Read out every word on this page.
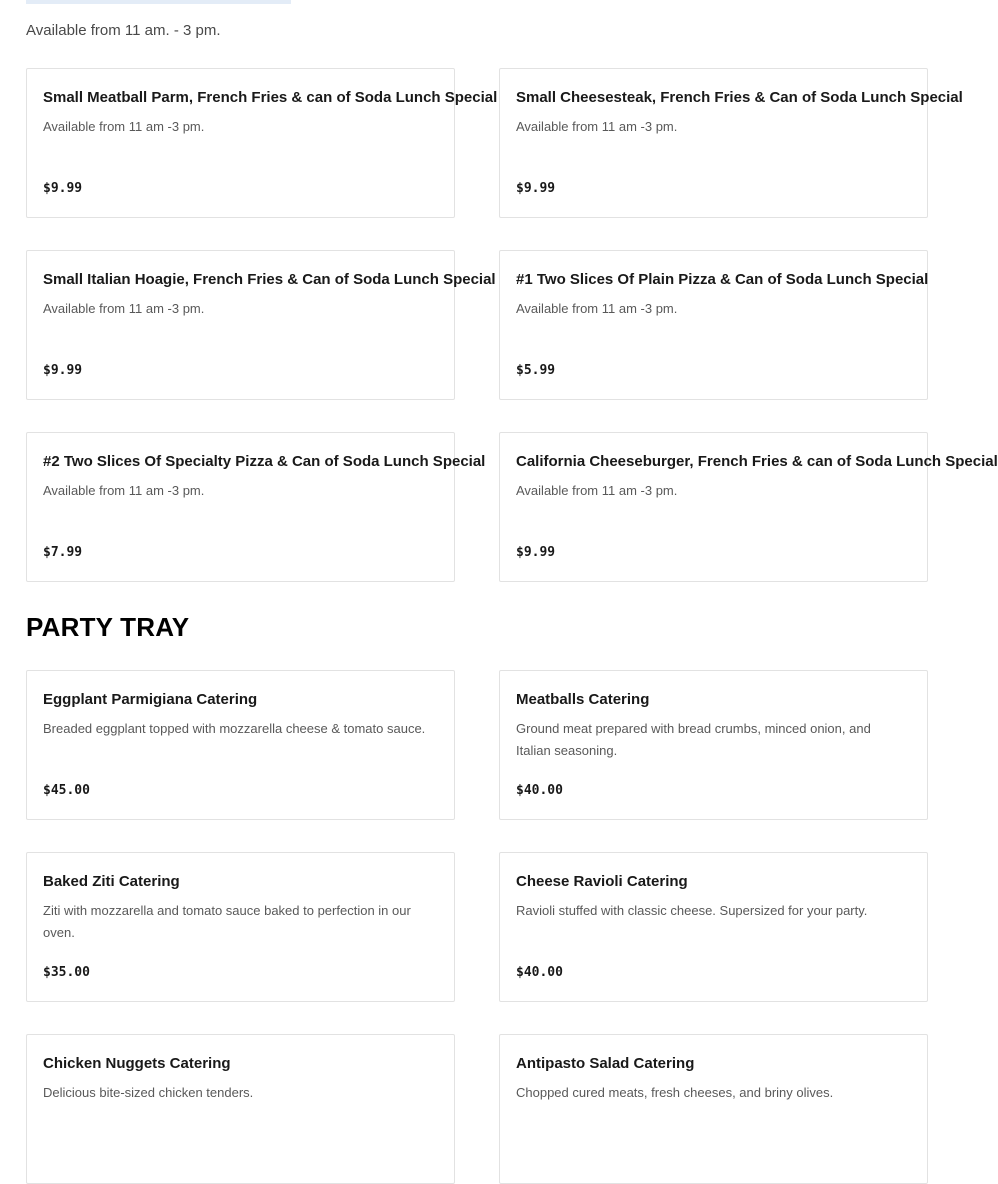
Available from 11 am. - 3 pm.
Small Meatball Parm, French Fries & can of Soda Lunch Special
Available from 11 am -3 pm.
$9.99
Small Cheesesteak, French Fries & Can of Soda Lunch Special
Available from 11 am -3 pm.
$9.99
Small Italian Hoagie, French Fries & Can of Soda Lunch Special
Available from 11 am -3 pm.
$9.99
#1 Two Slices Of Plain Pizza & Can of Soda Lunch Special
Available from 11 am -3 pm.
$5.99
#2 Two Slices Of Specialty Pizza & Can of Soda Lunch Special
Available from 11 am -3 pm.
$7.99
California Cheeseburger, French Fries & can of Soda Lunch Special
Available from 11 am -3 pm.
$9.99
PARTY TRAY
Eggplant Parmigiana Catering
Breaded eggplant topped with mozzarella cheese & tomato sauce.
$45.00
Meatballs Catering
Ground meat prepared with bread crumbs, minced onion, and Italian seasoning.
$40.00
Baked Ziti Catering
Ziti with mozzarella and tomato sauce baked to perfection in our oven.
$35.00
Cheese Ravioli Catering
Ravioli stuffed with classic cheese. Supersized for your party.
$40.00
Chicken Nuggets Catering
Delicious bite-sized chicken tenders.
Antipasto Salad Catering
Chopped cured meats, fresh cheeses, and briny olives.
